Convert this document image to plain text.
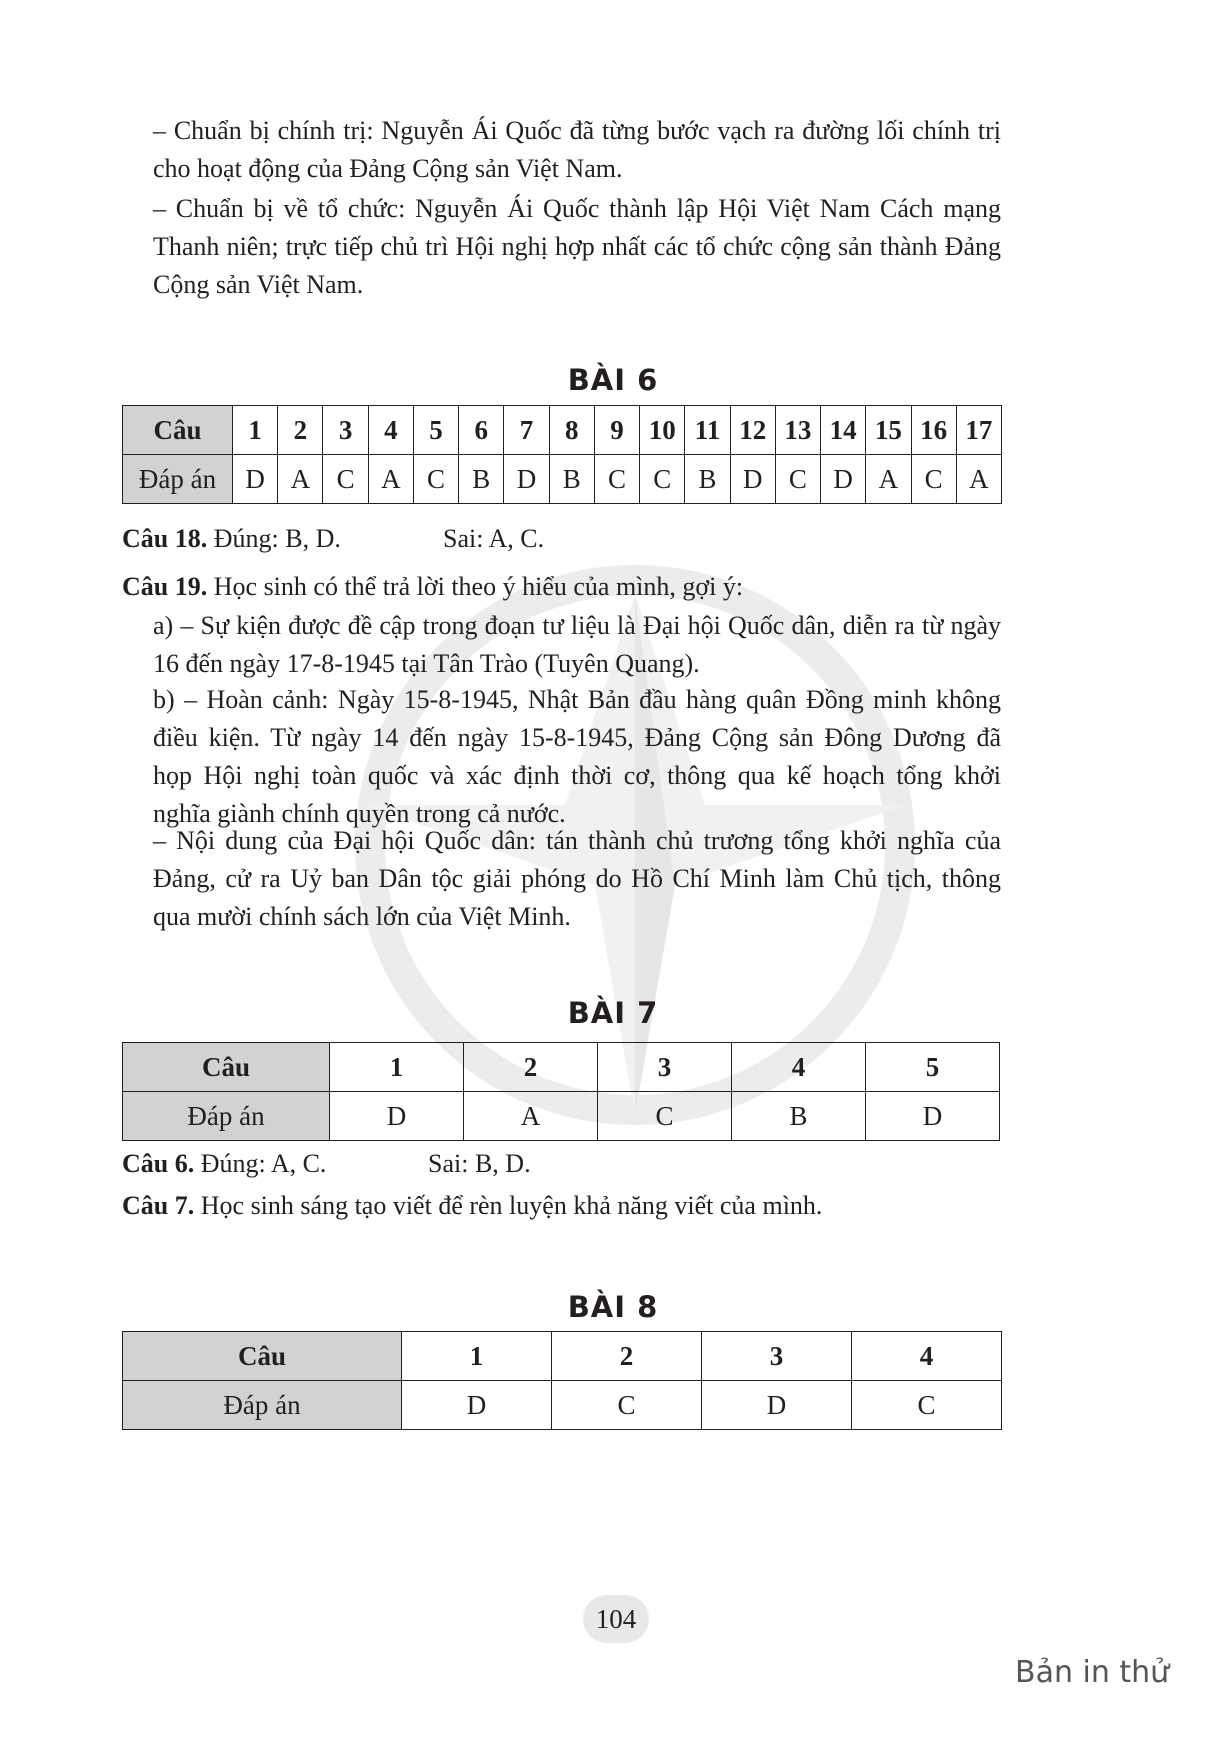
– Chuẩn bị chính trị: Nguyễn Ái Quốc đã từng bước vạch ra đường lối chính trị
cho hoạt động của Đảng Cộng sản Việt Nam.

– Chuẩn bị về tổ chức: Nguyễn Ái Quốc thành lập Hội Việt Nam Cách mạng
Thanh niên; trực tiếp chủ trì Hội nghị hợp nhất các tổ chức cộng sản thành Đảng
Cộng sản Việt Nam.

BÀI 6
Câu	1	2	3	4	5	6	7	8	9	10	11	12	13	14	15	16	17
Đáp án	D	A	C	A	C	B	D	B	C	C	B	D	C	D	A	C	A
Câu 18. Đúng: B, D.	Sai: A, C.
Câu 19. Học sinh có thể trả lời theo ý hiểu của mình, gợi ý:

a) – Sự kiện được đề cập trong đoạn tư liệu là Đại hội Quốc dân, diễn ra từ ngày
16 đến ngày 17-8-1945 tại Tân Trào (Tuyên Quang).

b) – Hoàn cảnh: Ngày 15-8-1945, Nhật Bản đầu hàng quân Đồng minh không
điều kiện. Từ ngày 14 đến ngày 15-8-1945, Đảng Cộng sản Đông Dương đã
họp Hội nghị toàn quốc và xác định thời cơ, thông qua kế hoạch tổng khởi
nghĩa giành chính quyền trong cả nước.

– Nội dung của Đại hội Quốc dân: tán thành chủ trương tổng khởi nghĩa của
Đảng, cử ra Uỷ ban Dân tộc giải phóng do Hồ Chí Minh làm Chủ tịch, thông
qua mười chính sách lớn của Việt Minh.

BÀI 7
Câu	1	2	3	4	5
Đáp án	D	A	C	B	D
Câu 6. Đúng: A, C.	Sai: B, D.
Câu 7. Học sinh sáng tạo viết để rèn luyện khả năng viết của mình.
BÀI 8
Câu	1	2	3	4
Đáp án	D	C	D	C
104
Bản in thử
